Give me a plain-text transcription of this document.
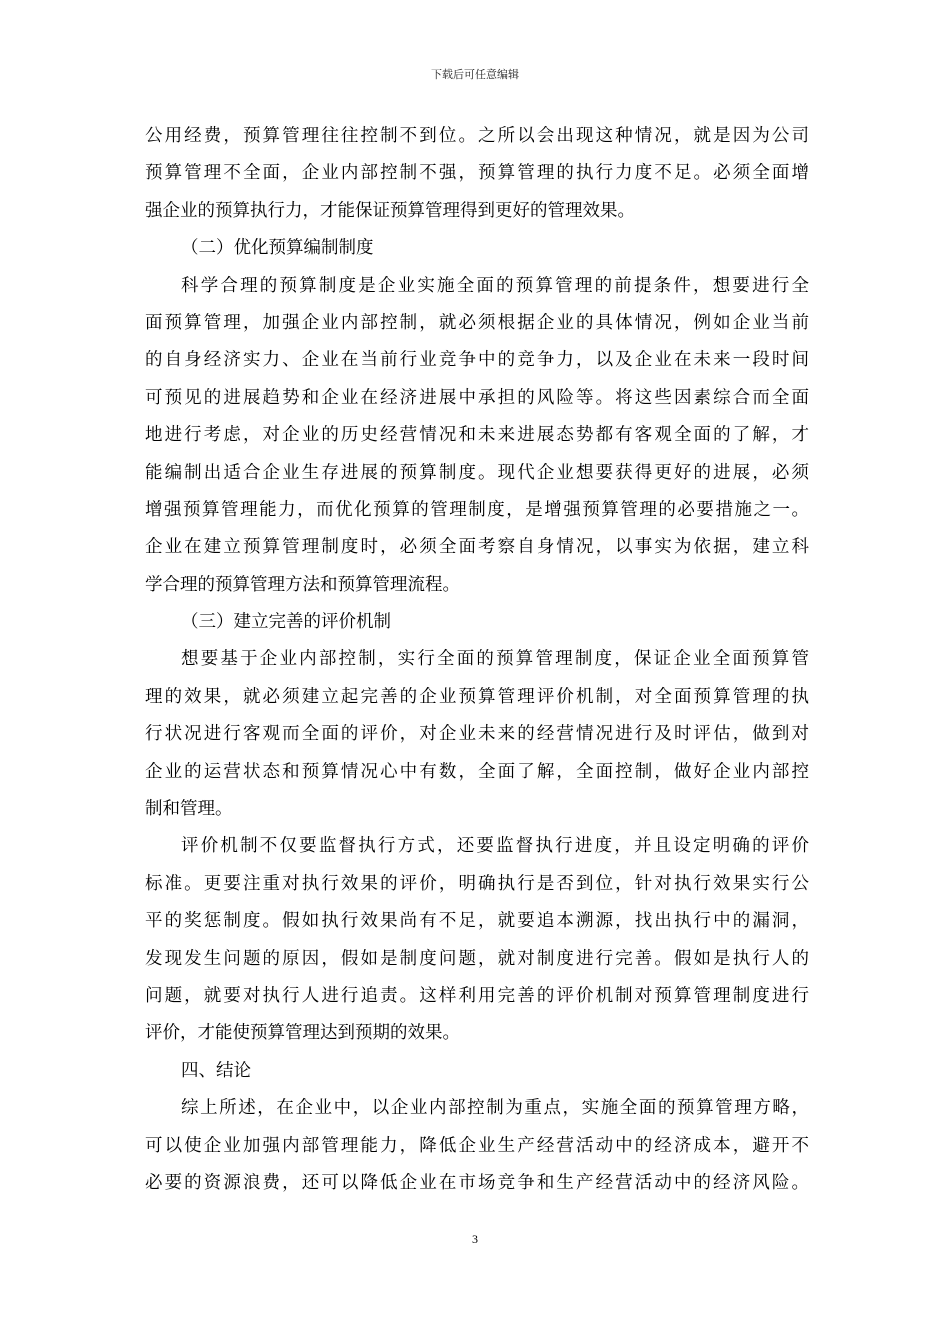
下载后可任意编辑
公用经费，预算管理往往控制不到位。之所以会出现这种情况，就是因为公司
预算管理不全面，企业内部控制不强，预算管理的执行力度不足。必须全面增
强企业的预算执行力，才能保证预算管理得到更好的管理效果。
（二）优化预算编制制度
科学合理的预算制度是企业实施全面的预算管理的前提条件，想要进行全
面预算管理，加强企业内部控制，就必须根据企业的具体情况，例如企业当前
的自身经济实力、企业在当前行业竞争中的竞争力，以及企业在未来一段时间
可预见的进展趋势和企业在经济进展中承担的风险等。将这些因素综合而全面
地进行考虑，对企业的历史经营情况和未来进展态势都有客观全面的了解，才
能编制出适合企业生存进展的预算制度。现代企业想要获得更好的进展，必须
增强预算管理能力，而优化预算的管理制度，是增强预算管理的必要措施之一。
企业在建立预算管理制度时，必须全面考察自身情况，以事实为依据，建立科
学合理的预算管理方法和预算管理流程。
（三）建立完善的评价机制
想要基于企业内部控制，实行全面的预算管理制度，保证企业全面预算管
理的效果，就必须建立起完善的企业预算管理评价机制，对全面预算管理的执
行状况进行客观而全面的评价，对企业未来的经营情况进行及时评估，做到对
企业的运营状态和预算情况心中有数，全面了解，全面控制，做好企业内部控
制和管理。
评价机制不仅要监督执行方式，还要监督执行进度，并且设定明确的评价
标准。更要注重对执行效果的评价，明确执行是否到位，针对执行效果实行公
平的奖惩制度。假如执行效果尚有不足，就要追本溯源，找出执行中的漏洞，
发现发生问题的原因，假如是制度问题，就对制度进行完善。假如是执行人的
问题，就要对执行人进行追责。这样利用完善的评价机制对预算管理制度进行
评价，才能使预算管理达到预期的效果。
四、结论
综上所述，在企业中，以企业内部控制为重点，实施全面的预算管理方略，
可以使企业加强内部管理能力，降低企业生产经营活动中的经济成本，避开不
必要的资源浪费，还可以降低企业在市场竞争和生产经营活动中的经济风险。
3
